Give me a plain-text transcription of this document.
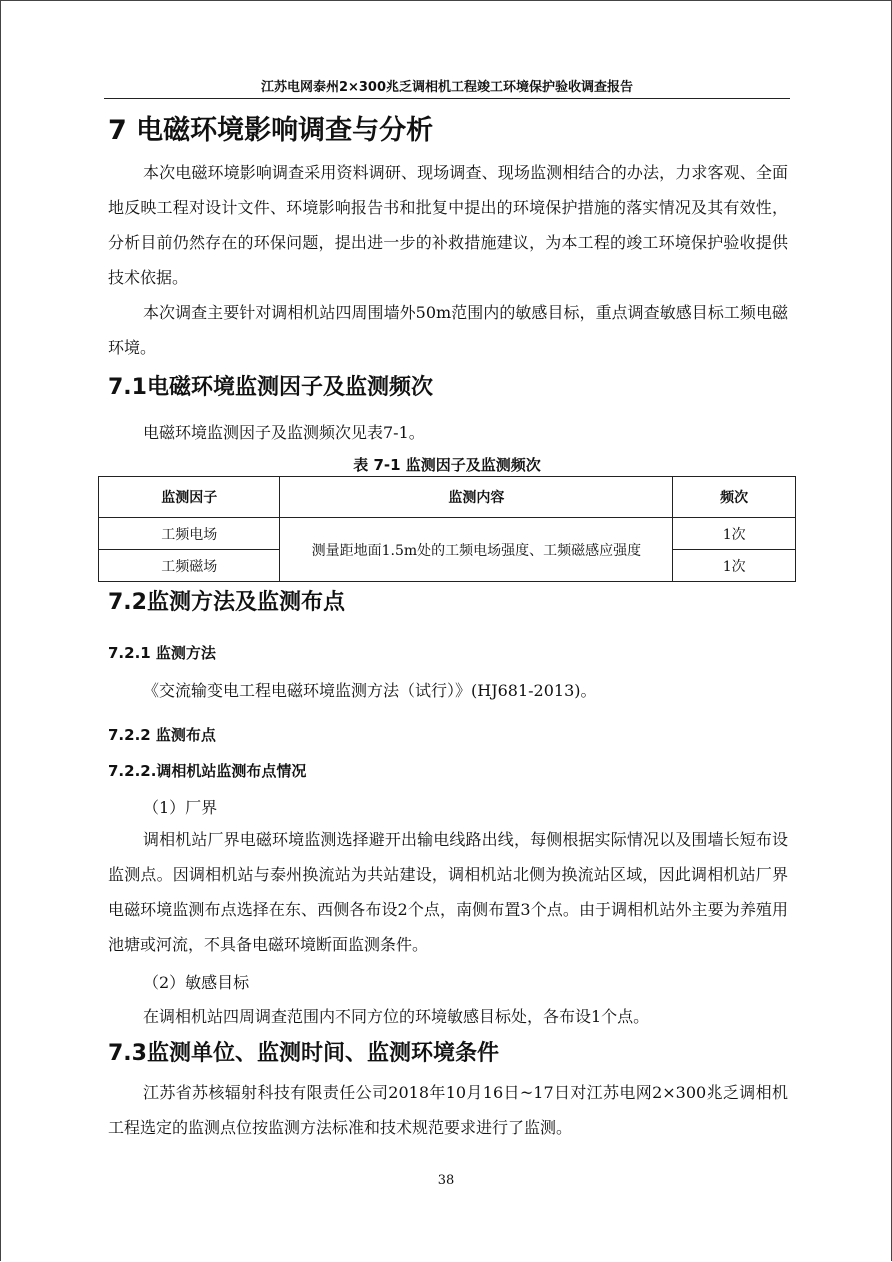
江苏电网泰州2×300兆乏调相机工程竣工环境保护验收调查报告
7 电磁环境影响调查与分析
本次电磁环境影响调查采用资料调研、现场调查、现场监测相结合的办法，力求客观、全面地反映工程对设计文件、环境影响报告书和批复中提出的环境保护措施的落实情况及其有效性，分析目前仍然存在的环保问题，提出进一步的补救措施建议，为本工程的竣工环境保护验收提供技术依据。
本次调查主要针对调相机站四周围墙外50m范围内的敏感目标，重点调查敏感目标工频电磁环境。
7.1电磁环境监测因子及监测频次
电磁环境监测因子及监测频次见表7-1。
表 7-1 监测因子及监测频次
监测因子	监测内容	频次
工频电场	测量距地面1.5m处的工频电场强度、工频磁感应强度	1次
工频磁场		1次
7.2监测方法及监测布点
7.2.1 监测方法
《交流输变电工程电磁环境监测方法（试行）》(HJ681-2013)。
7.2.2 监测布点
7.2.2.调相机站监测布点情况
（1）厂界
调相机站厂界电磁环境监测选择避开出输电线路出线，每侧根据实际情况以及围墙长短布设监测点。因调相机站与泰州换流站为共站建设，调相机站北侧为换流站区域，因此调相机站厂界电磁环境监测布点选择在东、西侧各布设2个点，南侧布置3个点。由于调相机站外主要为养殖用池塘或河流，不具备电磁环境断面监测条件。
（2）敏感目标
在调相机站四周调查范围内不同方位的环境敏感目标处，各布设1个点。
7.3监测单位、监测时间、监测环境条件
江苏省苏核辐射科技有限责任公司2018年10月16日~17日对江苏电网2×300兆乏调相机工程选定的监测点位按监测方法标准和技术规范要求进行了监测。
38
